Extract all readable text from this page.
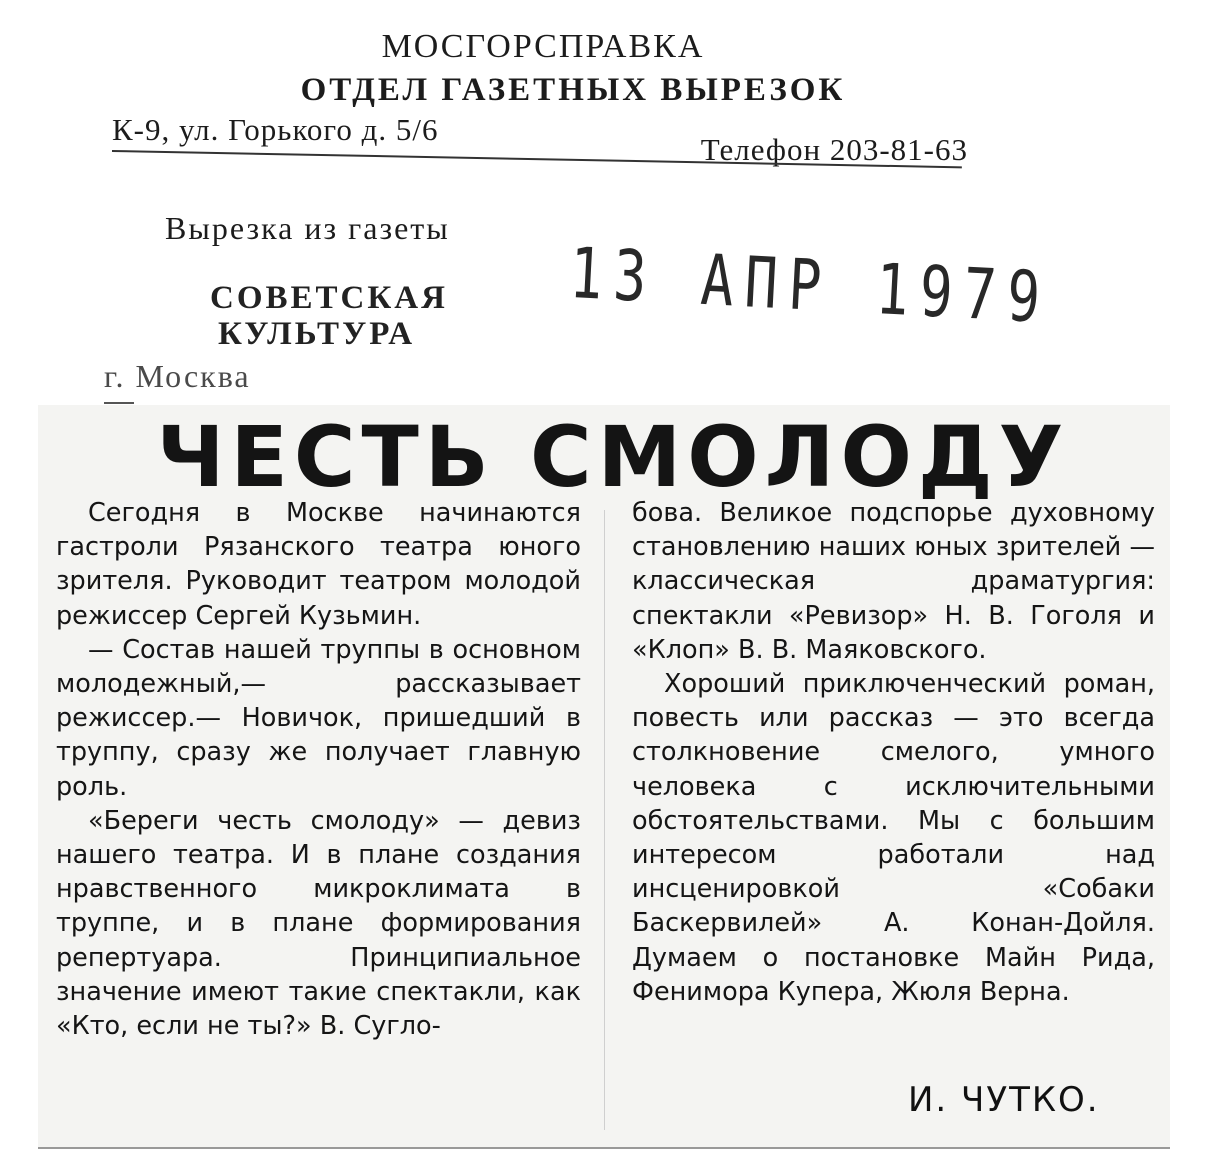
МОСГОРСПРАВКА
ОТДЕЛ ГАЗЕТНЫХ ВЫРЕЗОК
К-9, ул. Горького д. 5/6
Телефон 203-81-63
Вырезка из газеты
СОВЕТСКАЯ
КУЛЬТУРА
г. Москва
13 АПР 1979
ЧЕСТЬ СМОЛОДУ

Сегодня в Москве начинаются гастроли Рязанского театра юного зрителя. Руководит театром молодой режиссер Сергей Кузьмин.

— Состав нашей труппы в основном молодежный,— рассказывает режиссер.— Новичок, пришедший в труппу, сразу же получает главную роль.

«Береги честь смолоду» — девиз нашего театра. И в плане создания нравственного микроклимата в труппе, и в плане формирования репертуара. Принципиальное значение имеют такие спектакли, как «Кто, если не ты?» В. Сугло-

бова. Великое подспорье духовному становлению наших юных зрителей — классическая драматургия: спектакли «Ревизор» Н. В. Гоголя и «Клоп» В. В. Маяковского.

Хороший приключенческий роман, повесть или рассказ — это всегда столкновение смелого, умного человека с исключительными обстоятельствами. Мы с большим интересом работали над инсценировкой «Собаки Баскервилей» А. Конан-Дойля. Думаем о постановке Майн Рида, Фенимора Купера, Жюля Верна.

И. ЧУТКО.
